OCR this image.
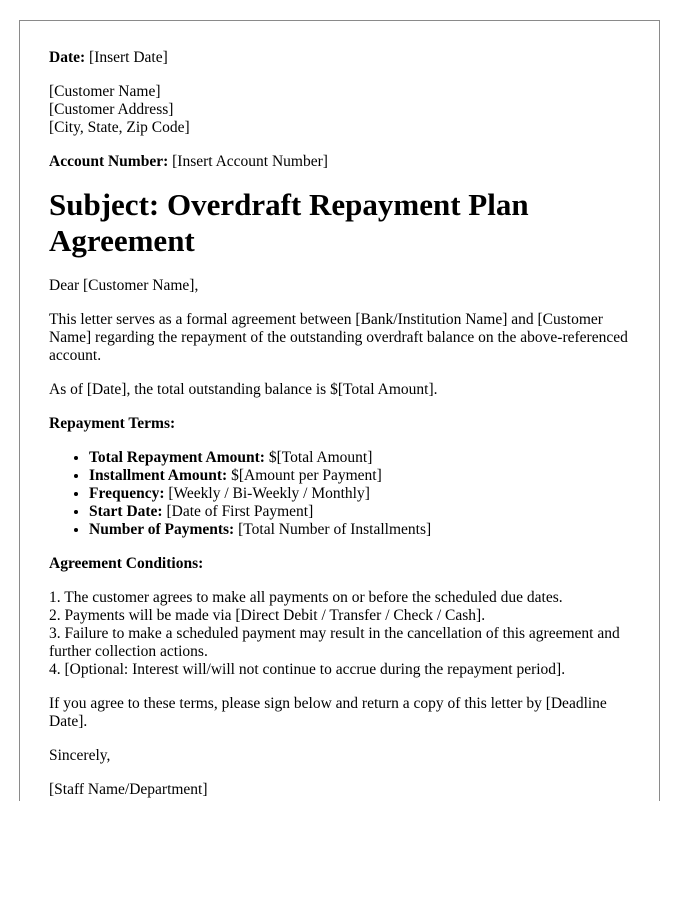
Date: [Insert Date]

[Customer Name]
[Customer Address]
[City, State, Zip Code]

Account Number: [Insert Account Number]

Subject: Overdraft Repayment Plan Agreement

Dear [Customer Name],

This letter serves as a formal agreement between [Bank/Institution Name] and [Customer Name] regarding the repayment of the outstanding overdraft balance on the above-referenced account.

As of [Date], the total outstanding balance is $[Total Amount].

Repayment Terms:

• Total Repayment Amount: $[Total Amount]
• Installment Amount: $[Amount per Payment]
• Frequency: [Weekly / Bi-Weekly / Monthly]
• Start Date: [Date of First Payment]
• Number of Payments: [Total Number of Installments]

Agreement Conditions:

1. The customer agrees to make all payments on or before the scheduled due dates.
2. Payments will be made via [Direct Debit / Transfer / Check / Cash].
3. Failure to make a scheduled payment may result in the cancellation of this agreement and further collection actions.
4. [Optional: Interest will/will not continue to accrue during the repayment period].

If you agree to these terms, please sign below and return a copy of this letter by [Deadline Date].

Sincerely,

[Staff Name/Department]
